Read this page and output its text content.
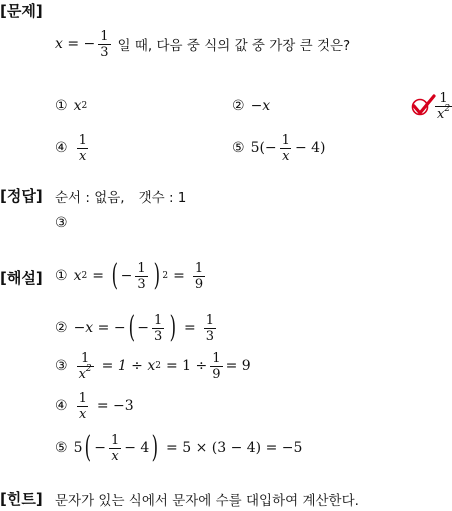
[문제]
x = − $\frac{1}{3}$ 일 때, 다음 중 식의 값 중 가장 큰 것은?
① x 2	② −x	$\frac{1}{x^2}$
④ $\frac{1}{x}$	⑤ $5(- \frac{1}{x} - 4)$
[정답] 순서 : 없음, 갯수 : 1
③
[해설] ① x 2 = ( − $\frac{1}{3}$ ) $2 = \frac{1}{9}$
② −x = − ( − $\frac{1}{3}$ ) = $\frac{1}{3}$
③ $\frac{1}{x^2} = 1 \div x$ $2 = 1 \div \frac{1}{9} = 9$
④ $\frac{1}{x} = -3$
⑤ 5 ( − $\frac{1}{x} - 4$ ) = 5 × (3 − 4) = −5
[힌트] 문자가 있는 식에서 문자에 수를 대입하여 계산한다.
